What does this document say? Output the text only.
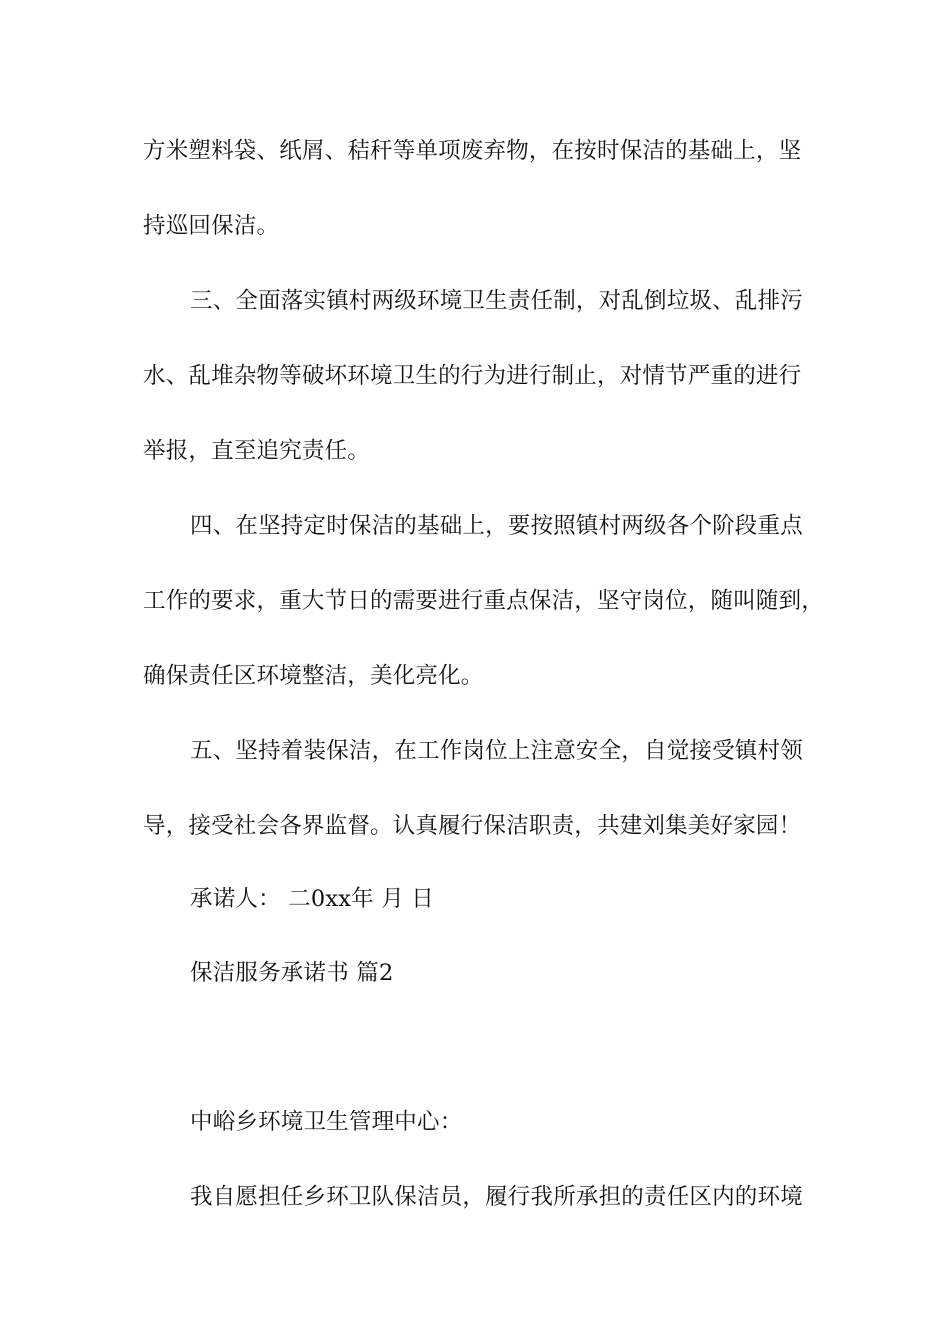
方米塑料袋、纸屑、秸秆等单项废弃物，在按时保洁的基础上，坚
持巡回保洁。
三、全面落实镇村两级环境卫生责任制，对乱倒垃圾、乱排污
水、乱堆杂物等破坏环境卫生的行为进行制止，对情节严重的进行
举报，直至追究责任。
四、在坚持定时保洁的基础上，要按照镇村两级各个阶段重点
工作的要求，重大节日的需要进行重点保洁，坚守岗位，随叫随到，
确保责任区环境整洁，美化亮化。
五、坚持着装保洁，在工作岗位上注意安全，自觉接受镇村领
导，接受社会各界监督。认真履行保洁职责，共建刘集美好家园！
承诺人： 二0xx年 月 日
保洁服务承诺书 篇2
中峪乡环境卫生管理中心：
我自愿担任乡环卫队保洁员，履行我所承担的责任区内的环境
